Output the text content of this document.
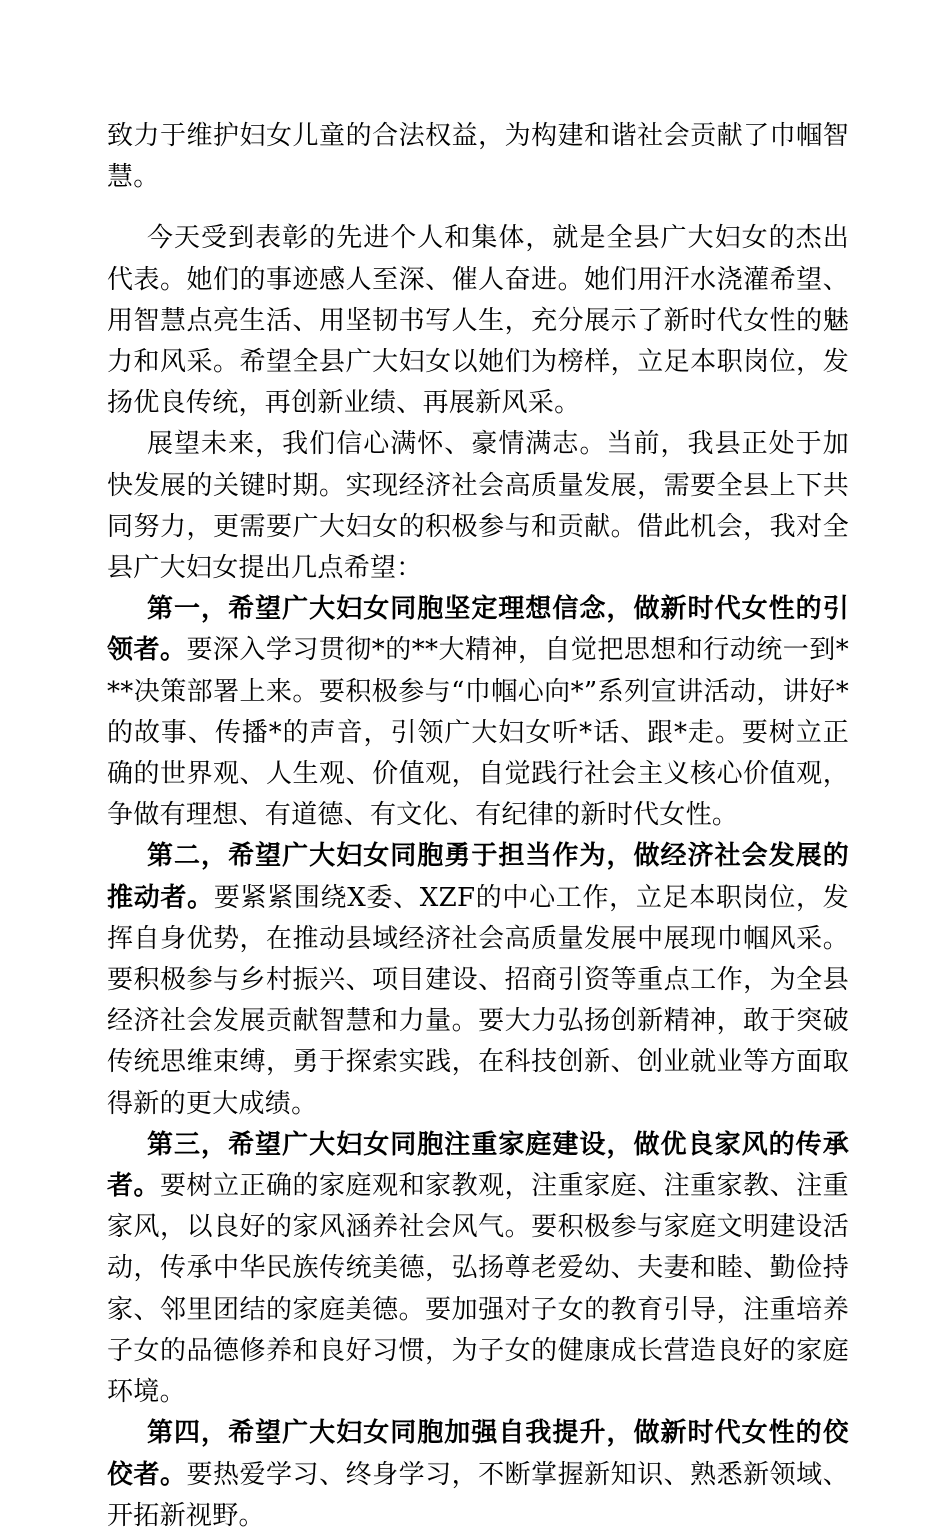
致力于维护妇女儿童的合法权益，为构建和谐社会贡献了巾帼智慧。

今天受到表彰的先进个人和集体，就是全县广大妇女的杰出代表。她们的事迹感人至深、催人奋进。她们用汗水浇灌希望、用智慧点亮生活、用坚韧书写人生，充分展示了新时代女性的魅力和风采。希望全县广大妇女以她们为榜样，立足本职岗位，发扬优良传统，再创新业绩、再展新风采。

展望未来，我们信心满怀、豪情满志。当前，我县正处于加快发展的关键时期。实现经济社会高质量发展，需要全县上下共同努力，更需要广大妇女的积极参与和贡献。借此机会，我对全县广大妇女提出几点希望：

第一，希望广大妇女同胞坚定理想信念，做新时代女性的引领者。要深入学习贯彻*的**大精神，自觉把思想和行动统一到***决策部署上来。要积极参与“巾帼心向*”系列宣讲活动，讲好*的故事、传播*的声音，引领广大妇女听*话、跟*走。要树立正确的世界观、人生观、价值观，自觉践行社会主义核心价值观，争做有理想、有道德、有文化、有纪律的新时代女性。

第二，希望广大妇女同胞勇于担当作为，做经济社会发展的推动者。要紧紧围绕X委、XZF的中心工作，立足本职岗位，发挥自身优势，在推动县域经济社会高质量发展中展现巾帼风采。要积极参与乡村振兴、项目建设、招商引资等重点工作，为全县经济社会发展贡献智慧和力量。要大力弘扬创新精神，敢于突破传统思维束缚，勇于探索实践，在科技创新、创业就业等方面取得新的更大成绩。

第三，希望广大妇女同胞注重家庭建设，做优良家风的传承者。要树立正确的家庭观和家教观，注重家庭、注重家教、注重家风，以良好的家风涵养社会风气。要积极参与家庭文明建设活动，传承中华民族传统美德，弘扬尊老爱幼、夫妻和睦、勤俭持家、邻里团结的家庭美德。要加强对子女的教育引导，注重培养子女的品德修养和良好习惯，为子女的健康成长营造良好的家庭环境。

第四，希望广大妇女同胞加强自我提升，做新时代女性的佼佼者。要热爱学习、终身学习，不断掌握新知识、熟悉新领域、开拓新视野。
